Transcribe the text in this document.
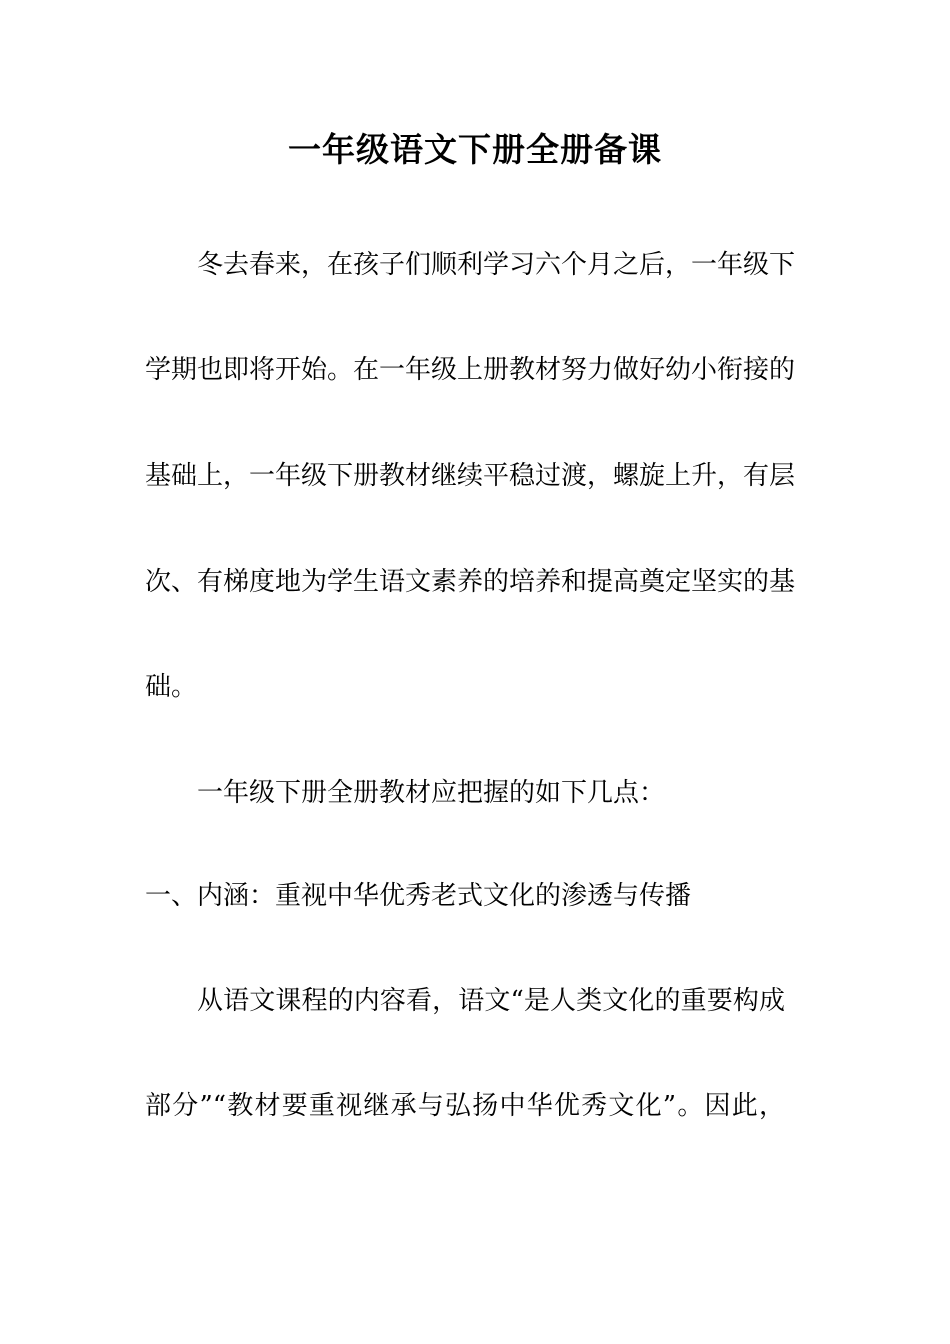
一年级语文下册全册备课
冬去春来，在孩子们顺利学习六个月之后，一年级下
学期也即将开始。在一年级上册教材努力做好幼小衔接的
基础上，一年级下册教材继续平稳过渡，螺旋上升，有层
次、有梯度地为学生语文素养的培养和提高奠定坚实的基
础。
一年级下册全册教材应把握的如下几点：
一、内涵：重视中华优秀老式文化的渗透与传播
从语文课程的内容看，语文“是人类文化的重要构成
部分”“教材要重视继承与弘扬中华优秀文化”。因此，
